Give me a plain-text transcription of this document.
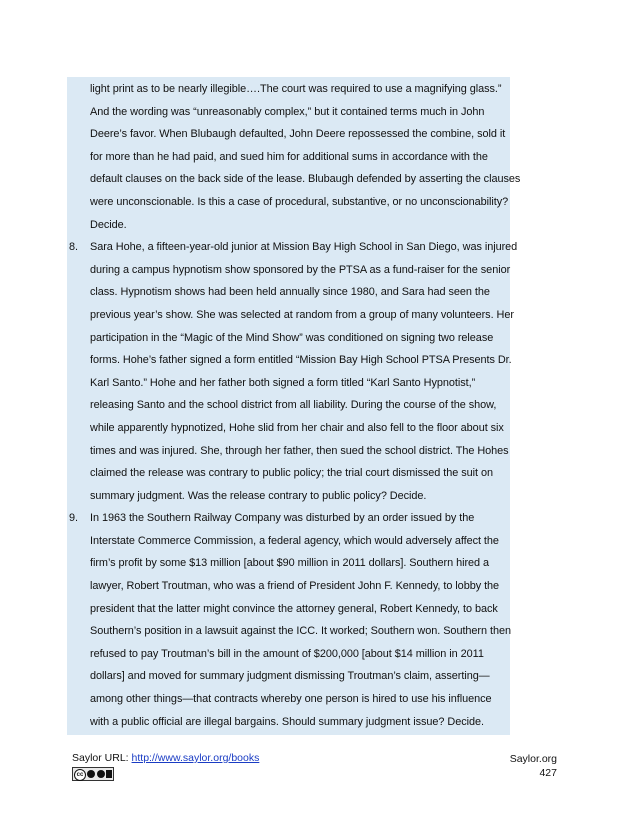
light print as to be nearly illegible….The court was required to use a magnifying glass.”
And the wording was “unreasonably complex,” but it contained terms much in John
Deere’s favor. When Blubaugh defaulted, John Deere repossessed the combine, sold it
for more than he had paid, and sued him for additional sums in accordance with the
default clauses on the back side of the lease. Blubaugh defended by asserting the clauses
were unconscionable. Is this a case of procedural, substantive, or no unconscionability?
Decide.
8. Sara Hohe, a fifteen-year-old junior at Mission Bay High School in San Diego, was injured
during a campus hypnotism show sponsored by the PTSA as a fund-raiser for the senior
class. Hypnotism shows had been held annually since 1980, and Sara had seen the
previous year’s show. She was selected at random from a group of many volunteers. Her
participation in the “Magic of the Mind Show” was conditioned on signing two release
forms. Hohe’s father signed a form entitled “Mission Bay High School PTSA Presents Dr.
Karl Santo.” Hohe and her father both signed a form titled “Karl Santo Hypnotist,”
releasing Santo and the school district from all liability. During the course of the show,
while apparently hypnotized, Hohe slid from her chair and also fell to the floor about six
times and was injured. She, through her father, then sued the school district. The Hohes
claimed the release was contrary to public policy; the trial court dismissed the suit on
summary judgment. Was the release contrary to public policy? Decide.
9. In 1963 the Southern Railway Company was disturbed by an order issued by the
Interstate Commerce Commission, a federal agency, which would adversely affect the
firm’s profit by some $13 million [about $90 million in 2011 dollars]. Southern hired a
lawyer, Robert Troutman, who was a friend of President John F. Kennedy, to lobby the
president that the latter might convince the attorney general, Robert Kennedy, to back
Southern’s position in a lawsuit against the ICC. It worked; Southern won. Southern then
refused to pay Troutman’s bill in the amount of $200,000 [about $14 million in 2011
dollars] and moved for summary judgment dismissing Troutman’s claim, asserting—
among other things—that contracts whereby one person is hired to use his influence
with a public official are illegal bargains. Should summary judgment issue? Decide.
Saylor URL: http://www.saylor.org/books
cc
Saylor.org
427
